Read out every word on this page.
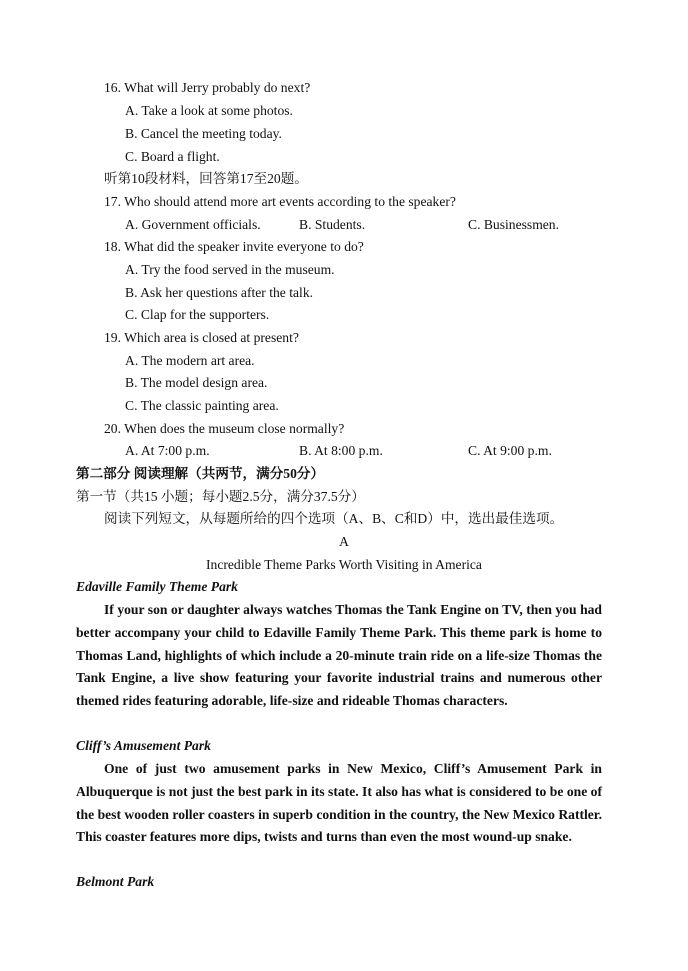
16. What will Jerry probably do next?
A. Take a look at some photos.
B. Cancel the meeting today.
C. Board a flight.
听第10段材料，回答第17至20题。
17. Who should attend more art events according to the speaker?
A. Government officials.	B. Students.	C. Businessmen.
18. What did the speaker invite everyone to do?
A. Try the food served in the museum.
B. Ask her questions after the talk.
C. Clap for the supporters.
19. Which area is closed at present?
A. The modern art area.
B. The model design area.
C. The classic painting area.
20. When does the museum close normally?
A. At 7:00 p.m.	B. At 8:00 p.m.	C. At 9:00 p.m.
第二部分 阅读理解（共两节，满分50分）
第一节（共15 小题；每小题2.5分，满分37.5分）
阅读下列短文，从每题所给的四个选项（A、B、C和D）中，选出最佳选项。
A
Incredible Theme Parks Worth Visiting in America
Edaville Family Theme Park

If your son or daughter always watches Thomas the Tank Engine on TV, then you had better accompany your child to Edaville Family Theme Park. This theme park is home to Thomas Land, highlights of which include a 20-minute train ride on a life-size Thomas the Tank Engine, a live show featuring your favorite industrial trains and numerous other themed rides featuring adorable, life-size and rideable Thomas characters.

Cliff’s Amusement Park

One of just two amusement parks in New Mexico, Cliff’s Amusement Park in Albuquerque is not just the best park in its state. It also has what is considered to be one of the best wooden roller coasters in superb condition in the country, the New Mexico Rattler. This coaster features more dips, twists and turns than even the most wound-up snake.

Belmont Park
